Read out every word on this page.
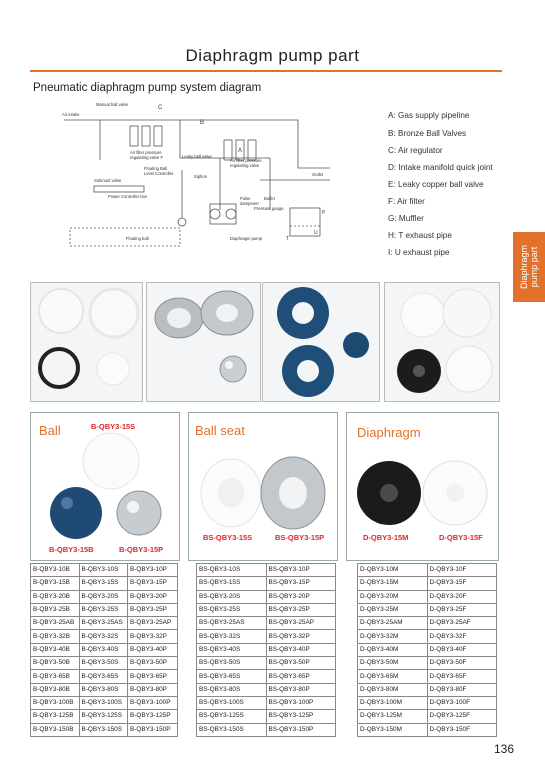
Diaphragm pump part
Pneumatic diaphragm pump system diagram
Manual ball valve
Air intake
C
B
A
Air filter pressure regulating valve F	Leaky ball valve
Air filter pressure regulating valve
Solenoid valve
Floating Ball Level Controller
Siphon	Outlet
Power Controller box	Pulse dampener
Buffer
Pressure gauge
P
U
Floating ball	Diaphragm pump	T
A: Gas supply pipeline
B: Bronze Ball Valves
C: Air regulator
D: Intake manifold quick joint
E: Leaky copper ball valve
F: Air filter
G: Muffler
H: T exhaust pipe
I: U exhaust pipe	Diaphragm
pump part
Ball	B-QBY3-15S
B-QBY3-15B	B-QBY3-15P
Ball seat
BS-QBY3-15S	BS-QBY3-15P
Diaphragm
D-QBY3-15M	D-QBY3-15F
B-QBY3-10B	B-QBY3-10S	B-QBY3-10P
B-QBY3-15B	B-QBY3-15S	B-QBY3-15P
B-QBY3-20B	B-QBY3-20S	B-QBY3-20P
B-QBY3-25B	B-QBY3-25S	B-QBY3-25P
B-QBY3-25AB	B-QBY3-25AS	B-QBY3-25AP
B-QBY3-32B	B-QBY3-32S	B-QBY3-32P
B-QBY3-40B	B-QBY3-40S	B-QBY3-40P
B-QBY3-50B	B-QBY3-50S	B-QBY3-50P
B-QBY3-65B	B-QBY3-65S	B-QBY3-65P
B-QBY3-80B	B-QBY3-80S	B-QBY3-80P
B-QBY3-100B	B-QBY3-100S	B-QBY3-100P
B-QBY3-125B	B-QBY3-125S	B-QBY3-125P
B-QBY3-150B	B-QBY3-150S	B-QBY3-150P
BS-QBY3-10S	BS-QBY3-10P
BS-QBY3-15S	BS-QBY3-15P
BS-QBY3-20S	BS-QBY3-20P
BS-QBY3-25S	BS-QBY3-25P
BS-QBY3-25AS	BS-QBY3-25AP
BS-QBY3-32S	BS-QBY3-32P
BS-QBY3-40S	BS-QBY3-40P
BS-QBY3-50S	BS-QBY3-50P
BS-QBY3-65S	BS-QBY3-65P
BS-QBY3-80S	BS-QBY3-80P
BS-QBY3-100S	BS-QBY3-100P
BS-QBY3-125S	BS-QBY3-125P
BS-QBY3-150S	BS-QBY3-150P
D-QBY3-10M	D-QBY3-10F
D-QBY3-15M	D-QBY3-15F
D-QBY3-20M	D-QBY3-20F
D-QBY3-25M	D-QBY3-25F
D-QBY3-25AM	D-QBY3-25AF
D-QBY3-32M	D-QBY3-32F
D-QBY3-40M	D-QBY3-40F
D-QBY3-50M	D-QBY3-50F
D-QBY3-65M	D-QBY3-65F
D-QBY3-80M	D-QBY3-80F
D-QBY3-100M	D-QBY3-100F
D-QBY3-125M	D-QBY3-125F
D-QBY3-150M	D-QBY3-150F
136
